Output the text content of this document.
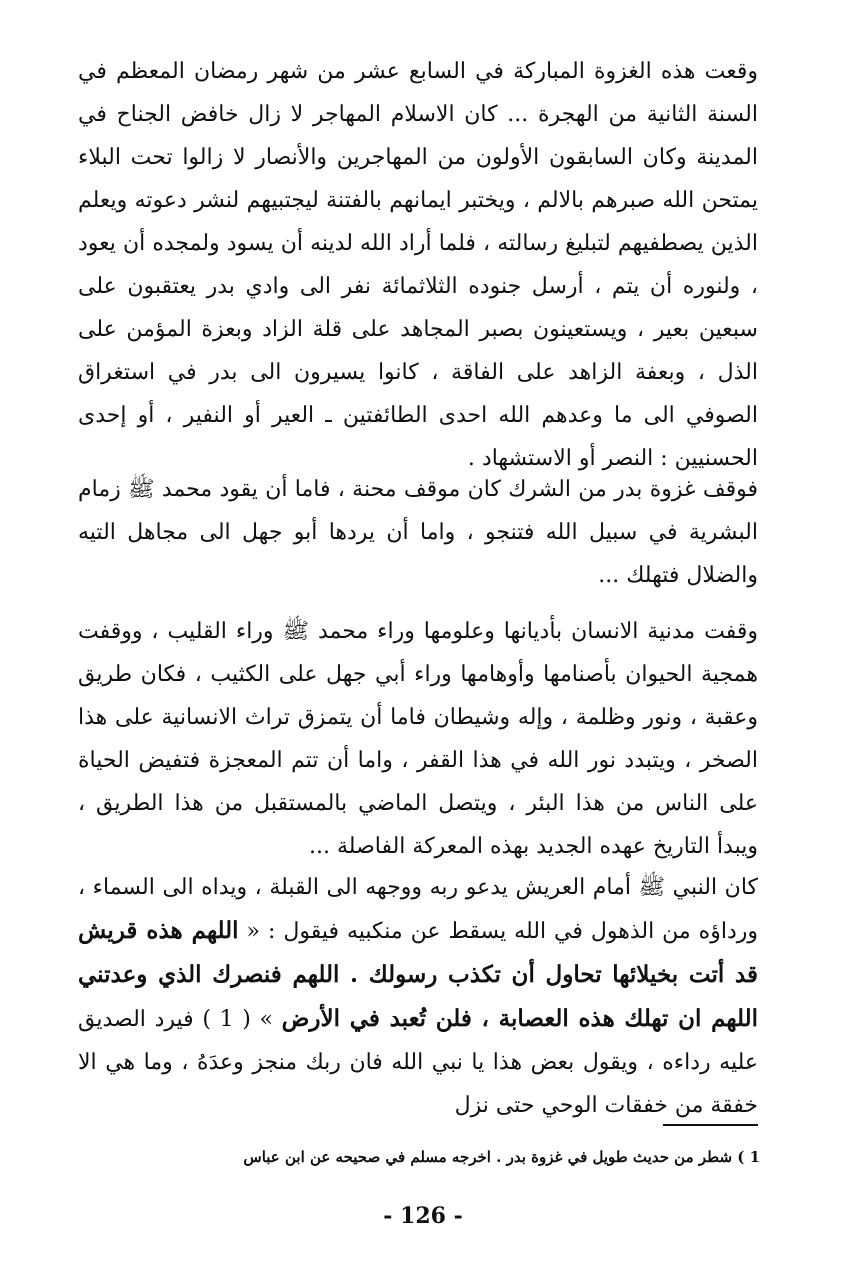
وقعت هذه الغزوة المباركة في السابع عشر من شهر رمضان المعظم في السنة الثانية من الهجرة ... كان الاسلام المهاجر لا زال خافض الجناح في المدينة وكان السابقون الأولون من المهاجرين والأنصار لا زالوا تحت البلاء يمتحن الله صبرهم بالالم ، ويختبر ايمانهم بالفتنة ليجتبيهم لنشر دعوته ويعلم الذين يصطفيهم لتبليغ رسالته ، فلما أراد الله لدينه أن يسود ولمجده أن يعود ، ولنوره أن يتم ، أرسل جنوده الثلاثمائة نفر الى وادي بدر يعتقبون على سبعين بعير ، ويستعينون بصبر المجاهد على قلة الزاد وبعزة المؤمن على الذل ، وبعفة الزاهد على الفاقة ، كانوا يسيرون الى بدر في استغراق الصوفي الى ما وعدهم الله احدى الطائفتين ـ العير أو النفير ، أو إحدى الحسنيين : النصر أو الاستشهاد .

فوقف غزوة بدر من الشرك كان موقف محنة ، فاما أن يقود محمد ﷺ زمام البشرية في سبيل الله فتنجو ، واما أن يردها أبو جهل الى مجاهل التيه والضلال فتهلك ...

وقفت مدنية الانسان بأديانها وعلومها وراء محمد ﷺ وراء القليب ، ووقفت همجية الحيوان بأصنامها وأوهامها وراء أبي جهل على الكثيب ، فكان طريق وعقبة ، ونور وظلمة ، وإله وشيطان فاما أن يتمزق تراث الانسانية على هذا الصخر ، ويتبدد نور الله في هذا القفر ، واما أن تتم المعجزة فتفيض الحياة على الناس من هذا البئر ، ويتصل الماضي بالمستقبل من هذا الطريق ، ويبدأ التاريخ عهده الجديد بهذه المعركة الفاصلة ...

كان النبي ﷺ أمام العريش يدعو ربه ووجهه الى القبلة ، ويداه الى السماء ، ورداؤه من الذهول في الله يسقط عن منكبيه فيقول : « اللهم هذه قريش قد أتت بخيلائها تحاول أن تكذب رسولك . اللهم فنصرك الذي وعدتني اللهم ان تهلك هذه العصابة ، فلن تُعبد في الأرض » ( 1 ) فيرد الصديق عليه رداءه ، ويقول بعض هذا يا نبي الله فان ربك منجز وعدَهُ ، وما هي الا خفقة من خفقات الوحي حتى نزل

1 ) شطر من حديث طويل في غزوة بدر . اخرجه مسلم في صحيحه عن ابن عباس

- 126 -
